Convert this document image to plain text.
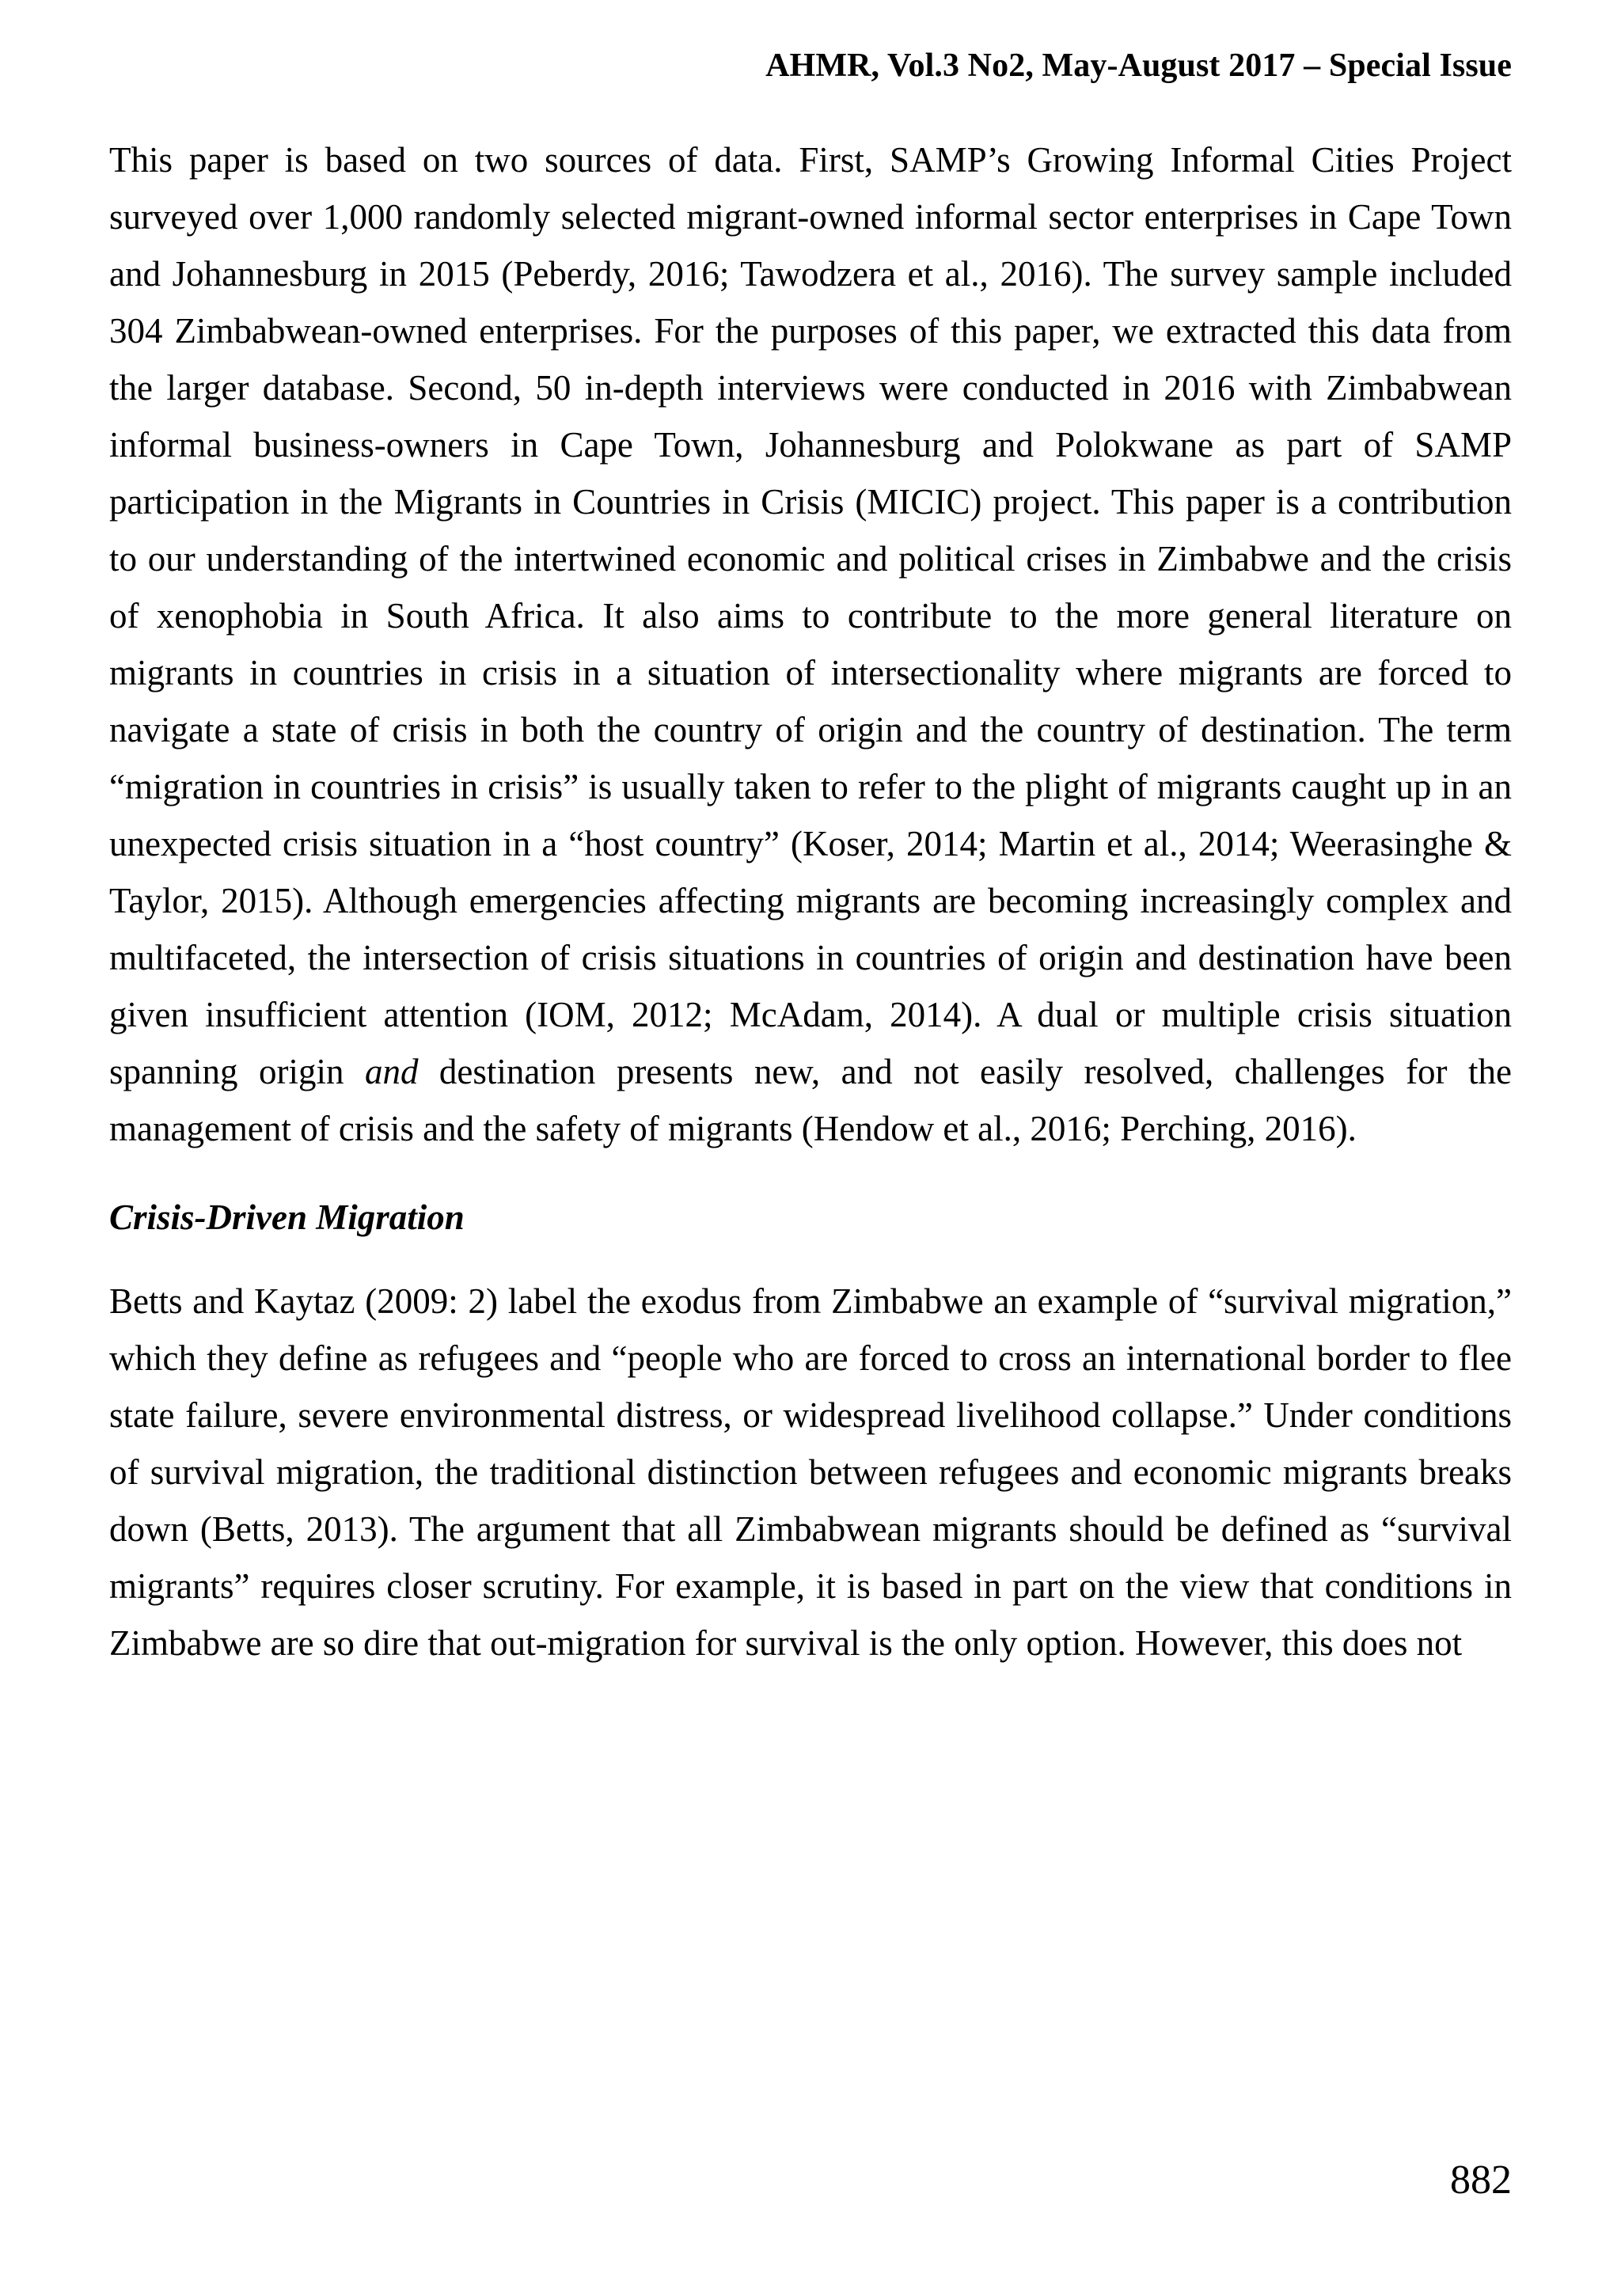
AHMR, Vol.3 No2, May-August 2017 – Special Issue

This paper is based on two sources of data. First, SAMP’s Growing Informal Cities Project surveyed over 1,000 randomly selected migrant-owned informal sector enterprises in Cape Town and Johannesburg in 2015 (Peberdy, 2016; Tawodzera et al., 2016). The survey sample included 304 Zimbabwean-owned enterprises. For the purposes of this paper, we extracted this data from the larger database. Second, 50 in-depth interviews were conducted in 2016 with Zimbabwean informal business-owners in Cape Town, Johannesburg and Polokwane as part of SAMP participation in the Migrants in Countries in Crisis (MICIC) project. This paper is a contribution to our understanding of the intertwined economic and political crises in Zimbabwe and the crisis of xenophobia in South Africa. It also aims to contribute to the more general literature on migrants in countries in crisis in a situation of intersectionality where migrants are forced to navigate a state of crisis in both the country of origin and the country of destination. The term “migration in countries in crisis” is usually taken to refer to the plight of migrants caught up in an unexpected crisis situation in a “host country” (Koser, 2014; Martin et al., 2014; Weerasinghe & Taylor, 2015). Although emergencies affecting migrants are becoming increasingly complex and multifaceted, the intersection of crisis situations in countries of origin and destination have been given insufficient attention (IOM, 2012; McAdam, 2014). A dual or multiple crisis situation spanning origin and destination presents new, and not easily resolved, challenges for the management of crisis and the safety of migrants (Hendow et al., 2016; Perching, 2016).

Crisis-Driven Migration

Betts and Kaytaz (2009: 2) label the exodus from Zimbabwe an example of “survival migration,” which they define as refugees and “people who are forced to cross an international border to flee state failure, severe environmental distress, or widespread livelihood collapse.” Under conditions of survival migration, the traditional distinction between refugees and economic migrants breaks down (Betts, 2013). The argument that all Zimbabwean migrants should be defined as “survival migrants” requires closer scrutiny. For example, it is based in part on the view that conditions in Zimbabwe are so dire that out-migration for survival is the only option. However, this does not

882
